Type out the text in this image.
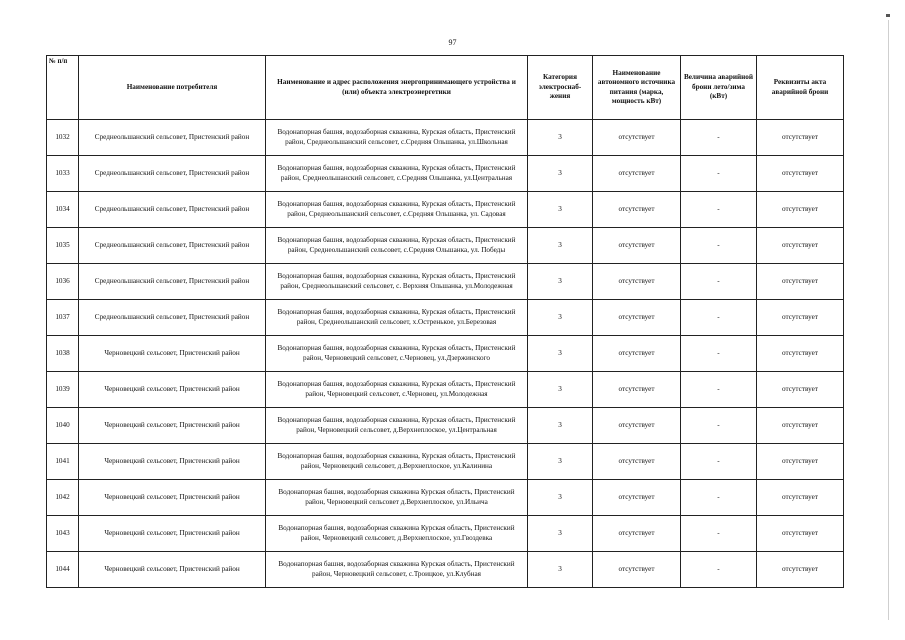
97
№ п/п	Наименование потребителя	Наименование и адрес расположения энергопринимающего устройства и (или) объекта электроэнергетики	Категория электроснаб-жения	Наименование автономного источника питания (марка, мощность кВт)	Величина аварийной брони лето/зима (кВт)	Реквизиты акта аварийной брони
1032	Среднеольшанский сельсовет, Пристенский район	Водонапорная башня, водозаборная скважина, Курская область, Пристенский район, Среднеольшанский сельсовет, с.Средняя Ольшанка, ул.Школьная	3	отсутствует	-	отсутствует
1033	Среднеольшанский сельсовет, Пристенский район	Водонапорная башня, водозаборная скважина, Курская область, Пристенский район, Среднеольшанский сельсовет, с.Средняя Ольшанка, ул.Центральная	3	отсутствует	-	отсутствует
1034	Среднеольшанский сельсовет, Пристенский район	Водонапорная башня, водозаборная скважина, Курская область, Пристенский район, Среднеольшанский сельсовет, с.Средняя Ольшанка, ул. Садовая	3	отсутствует	-	отсутствует
1035	Среднеольшанский сельсовет, Пристенский район	Водонапорная башня, водозаборная скважина, Курская область, Пристенский район, Среднеольшанский сельсовет, с.Средняя Ольшанка, ул. Победы	3	отсутствует	-	отсутствует
1036	Среднеольшанский сельсовет, Пристенский район	Водонапорная башня, водозаборная скважина, Курская область, Пристенский район, Среднеольшанский сельсовет, с. Верхняя Ольшанка, ул.Молодежная	3	отсутствует	-	отсутствует
1037	Среднеольшанский сельсовет, Пристенский район	Водонапорная башня, водозаборная скважина, Курская область, Пристенский район, Среднеольшанский сельсовет, х.Остренькое, ул.Березовая	3	отсутствует	-	отсутствует
1038	Черновецкий сельсовет, Пристенский район	Водонапорная башня, водозаборная скважина, Курская область, Пристенский район, Черновецкий сельсовет, с.Черновец, ул.Дзержинского	3	отсутствует	-	отсутствует
1039	Черновецкий сельсовет, Пристенский район	Водонапорная башня, водозаборная скважина, Курская область, Пристенский район, Черновецкий сельсовет, с.Черновец, ул.Молодежная	3	отсутствует	-	отсутствует
1040	Черновецкий сельсовет, Пристенский район	Водонапорная башня, водозаборная скважина, Курская область, Пристенский район, Черновецкий сельсовет, д.Верхнеплоское, ул.Центральная	3	отсутствует	-	отсутствует
1041	Черновецкий сельсовет, Пристенский район	Водонапорная башня, водозаборная скважина, Курская область, Пристенский район, Черновецкий сельсовет, д.Верхнеплоское, ул.Калинина	3	отсутствует	-	отсутствует
1042	Черновецкий сельсовет, Пристенский район	Водонапорная башня, водозаборная скважина Курская область, Пристенский район, Черновецкий сельсовет д.Верхнеплоское, ул.Ильича	3	отсутствует	-	отсутствует
1043	Черновецкий сельсовет, Пристенский район	Водонапорная башня, водозаборная скважина Курская область, Пристенский район, Черновецкий сельсовет, д.Верхнеплоское, ул.Гвоздевка	3	отсутствует	-	отсутствует
1044	Черновецкий сельсовет, Пристенский район	Водонапорная башня, водозаборная скважина Курская область, Пристенский район, Черновецкий сельсовет, с.Троицкое, ул.Клубная	3	отсутствует	-	отсутствует
